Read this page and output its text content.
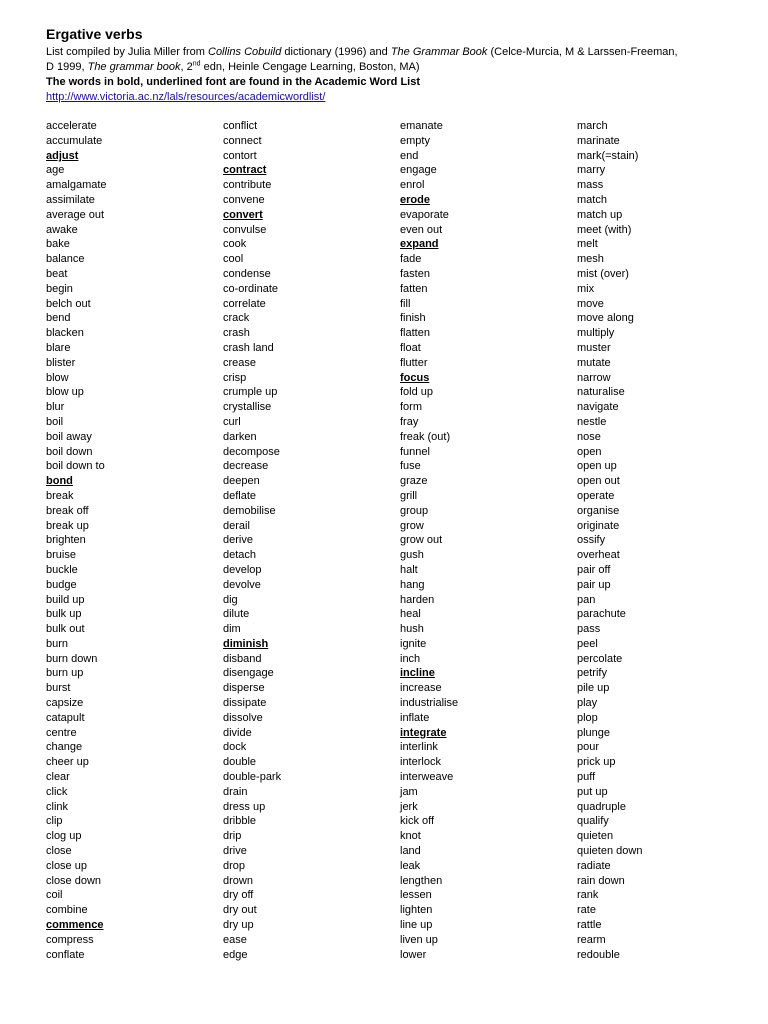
Ergative verbs

List compiled by Julia Miller from Collins Cobuild dictionary (1996) and The Grammar Book (Celce-Murcia, M & Larssen-Freeman,

D 1999, The grammar book, 2nd edn, Heinle Cengage Learning, Boston, MA)

The words in bold, underlined font are found in the Academic Word List

http://www.victoria.ac.nz/lals/resources/academicwordlist/

accelerate
accumulate
adjust
age
amalgamate
assimilate
average out
awake
bake
balance
beat
begin
belch out
bend
blacken
blare
blister
blow
blow up
blur
boil
boil away
boil down
boil down to
bond
break
break off
break up
brighten
bruise
buckle
budge
build up
bulk up
bulk out
burn
burn down
burn up
burst
capsize
catapult
centre
change
cheer up
clear
click
clink
clip
clog up
close
close up
close down
coil
combine
commence
compress
conflate
conflict
connect
contort
contract
contribute
convene
convert
convulse
cook
cool
condense
co-ordinate
correlate
crack
crash
crash land
crease
crisp
crumple up
crystallise
curl
darken
decompose
decrease
deepen
deflate
demobilise
derail
derive
detach
develop
devolve
dig
dilute
dim
diminish
disband
disengage
disperse
dissipate
dissolve
divide
dock
double
double-park
drain
dress up
dribble
drip
drive
drop
drown
dry off
dry out
dry up
ease
edge
emanate
empty
end
engage
enrol
erode
evaporate
even out
expand
fade
fasten
fatten
fill
finish
flatten
float
flutter
focus
fold up
form
fray
freak (out)
funnel
fuse
graze
grill
group
grow
grow out
gush
halt
hang
harden
heal
hush
ignite
inch
incline
increase
industrialise
inflate
integrate
interlink
interlock
interweave
jam
jerk
kick off
knot
land
leak
lengthen
lessen
lighten
line up
liven up
lower
march
marinate
mark(=stain)
marry
mass
match
match up
meet (with)
melt
mesh
mist (over)
mix
move
move along
multiply
muster
mutate
narrow
naturalise
navigate
nestle
nose
open
open up
open out
operate
organise
originate
ossify
overheat
pair off
pair up
pan
parachute
pass
peel
percolate
petrify
pile up
play
plop
plunge
pour
prick up
puff
put up
quadruple
qualify
quieten
quieten down
radiate
rain down
rank
rate
rattle
rearm
redouble
